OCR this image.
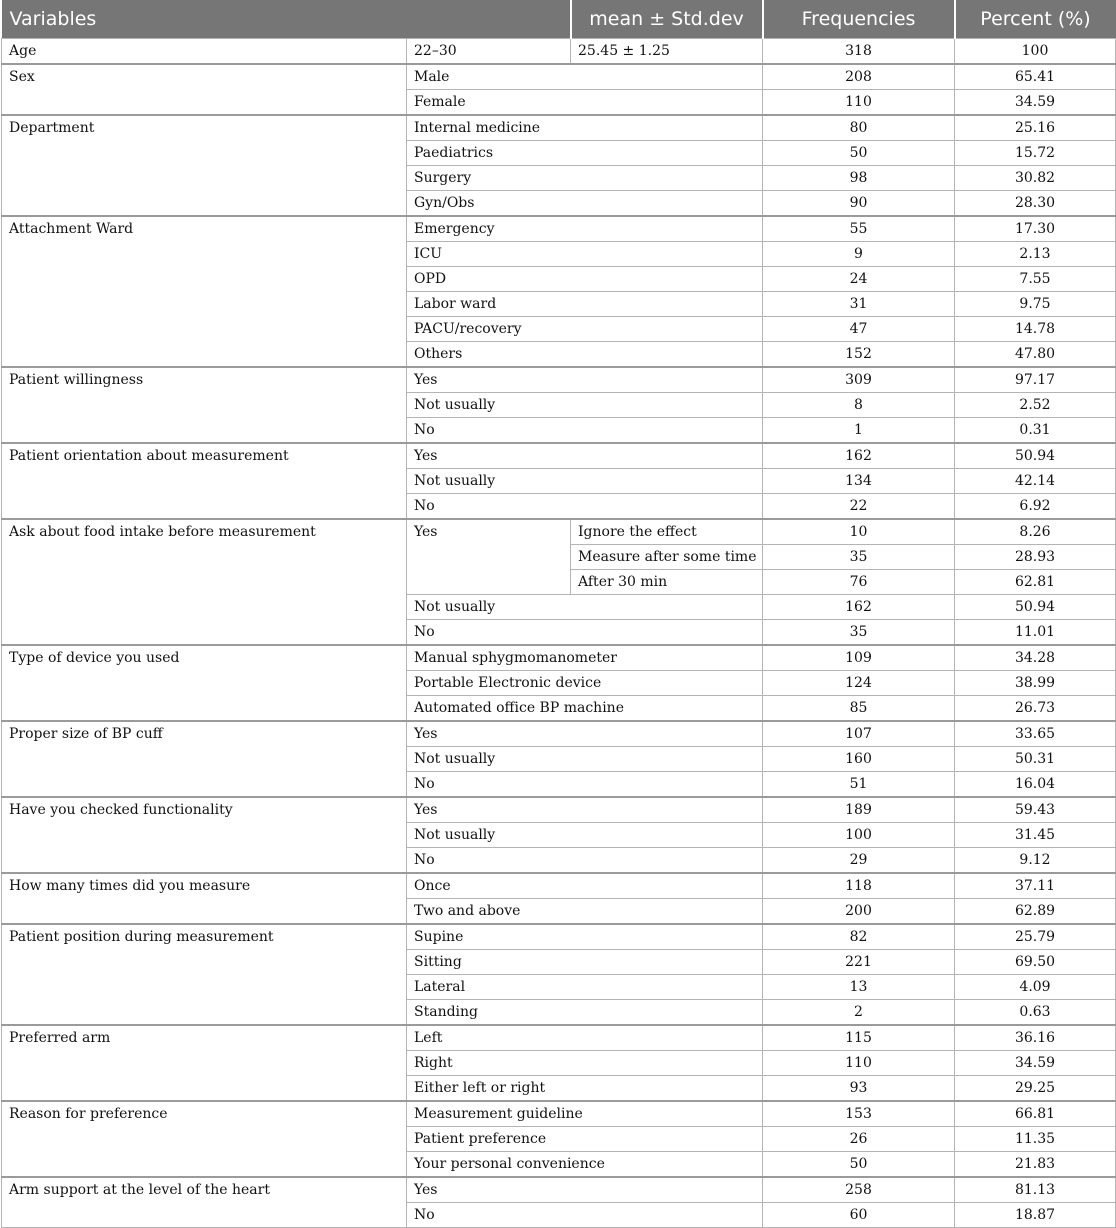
Variables		mean ± Std.dev	Frequencies	Percent (%)
Age	22–30	25.45 ± 1.25	318	100
Sex	Male		208	65.41
	Female		110	34.59
Department	Internal medicine		80	25.16
	Paediatrics		50	15.72
	Surgery		98	30.82
	Gyn/Obs		90	28.30
Attachment Ward	Emergency		55	17.30
	ICU		9	2.13
	OPD		24	7.55
	Labor ward		31	9.75
	PACU/recovery		47	14.78
	Others		152	47.80
Patient willingness	Yes		309	97.17
	Not usually		8	2.52
	No		1	0.31
Patient orientation about measurement	Yes		162	50.94
	Not usually		134	42.14
	No		22	6.92
Ask about food intake before measurement	Yes	Ignore the effect	10	8.26
		Measure after some time	35	28.93
		After 30 min	76	62.81
	Not usually		162	50.94
	No		35	11.01
Type of device you used	Manual sphygmomanometer		109	34.28
	Portable Electronic device		124	38.99
	Automated office BP machine		85	26.73
Proper size of BP cuff	Yes		107	33.65
	Not usually		160	50.31
	No		51	16.04
Have you checked functionality	Yes		189	59.43
	Not usually		100	31.45
	No		29	9.12
How many times did you measure	Once		118	37.11
	Two and above		200	62.89
Patient position during measurement	Supine		82	25.79
	Sitting		221	69.50
	Lateral		13	4.09
	Standing		2	0.63
Preferred arm	Left		115	36.16
	Right		110	34.59
	Either left or right		93	29.25
Reason for preference	Measurement guideline		153	66.81
	Patient preference		26	11.35
	Your personal convenience		50	21.83
Arm support at the level of the heart	Yes		258	81.13
	No		60	18.87
